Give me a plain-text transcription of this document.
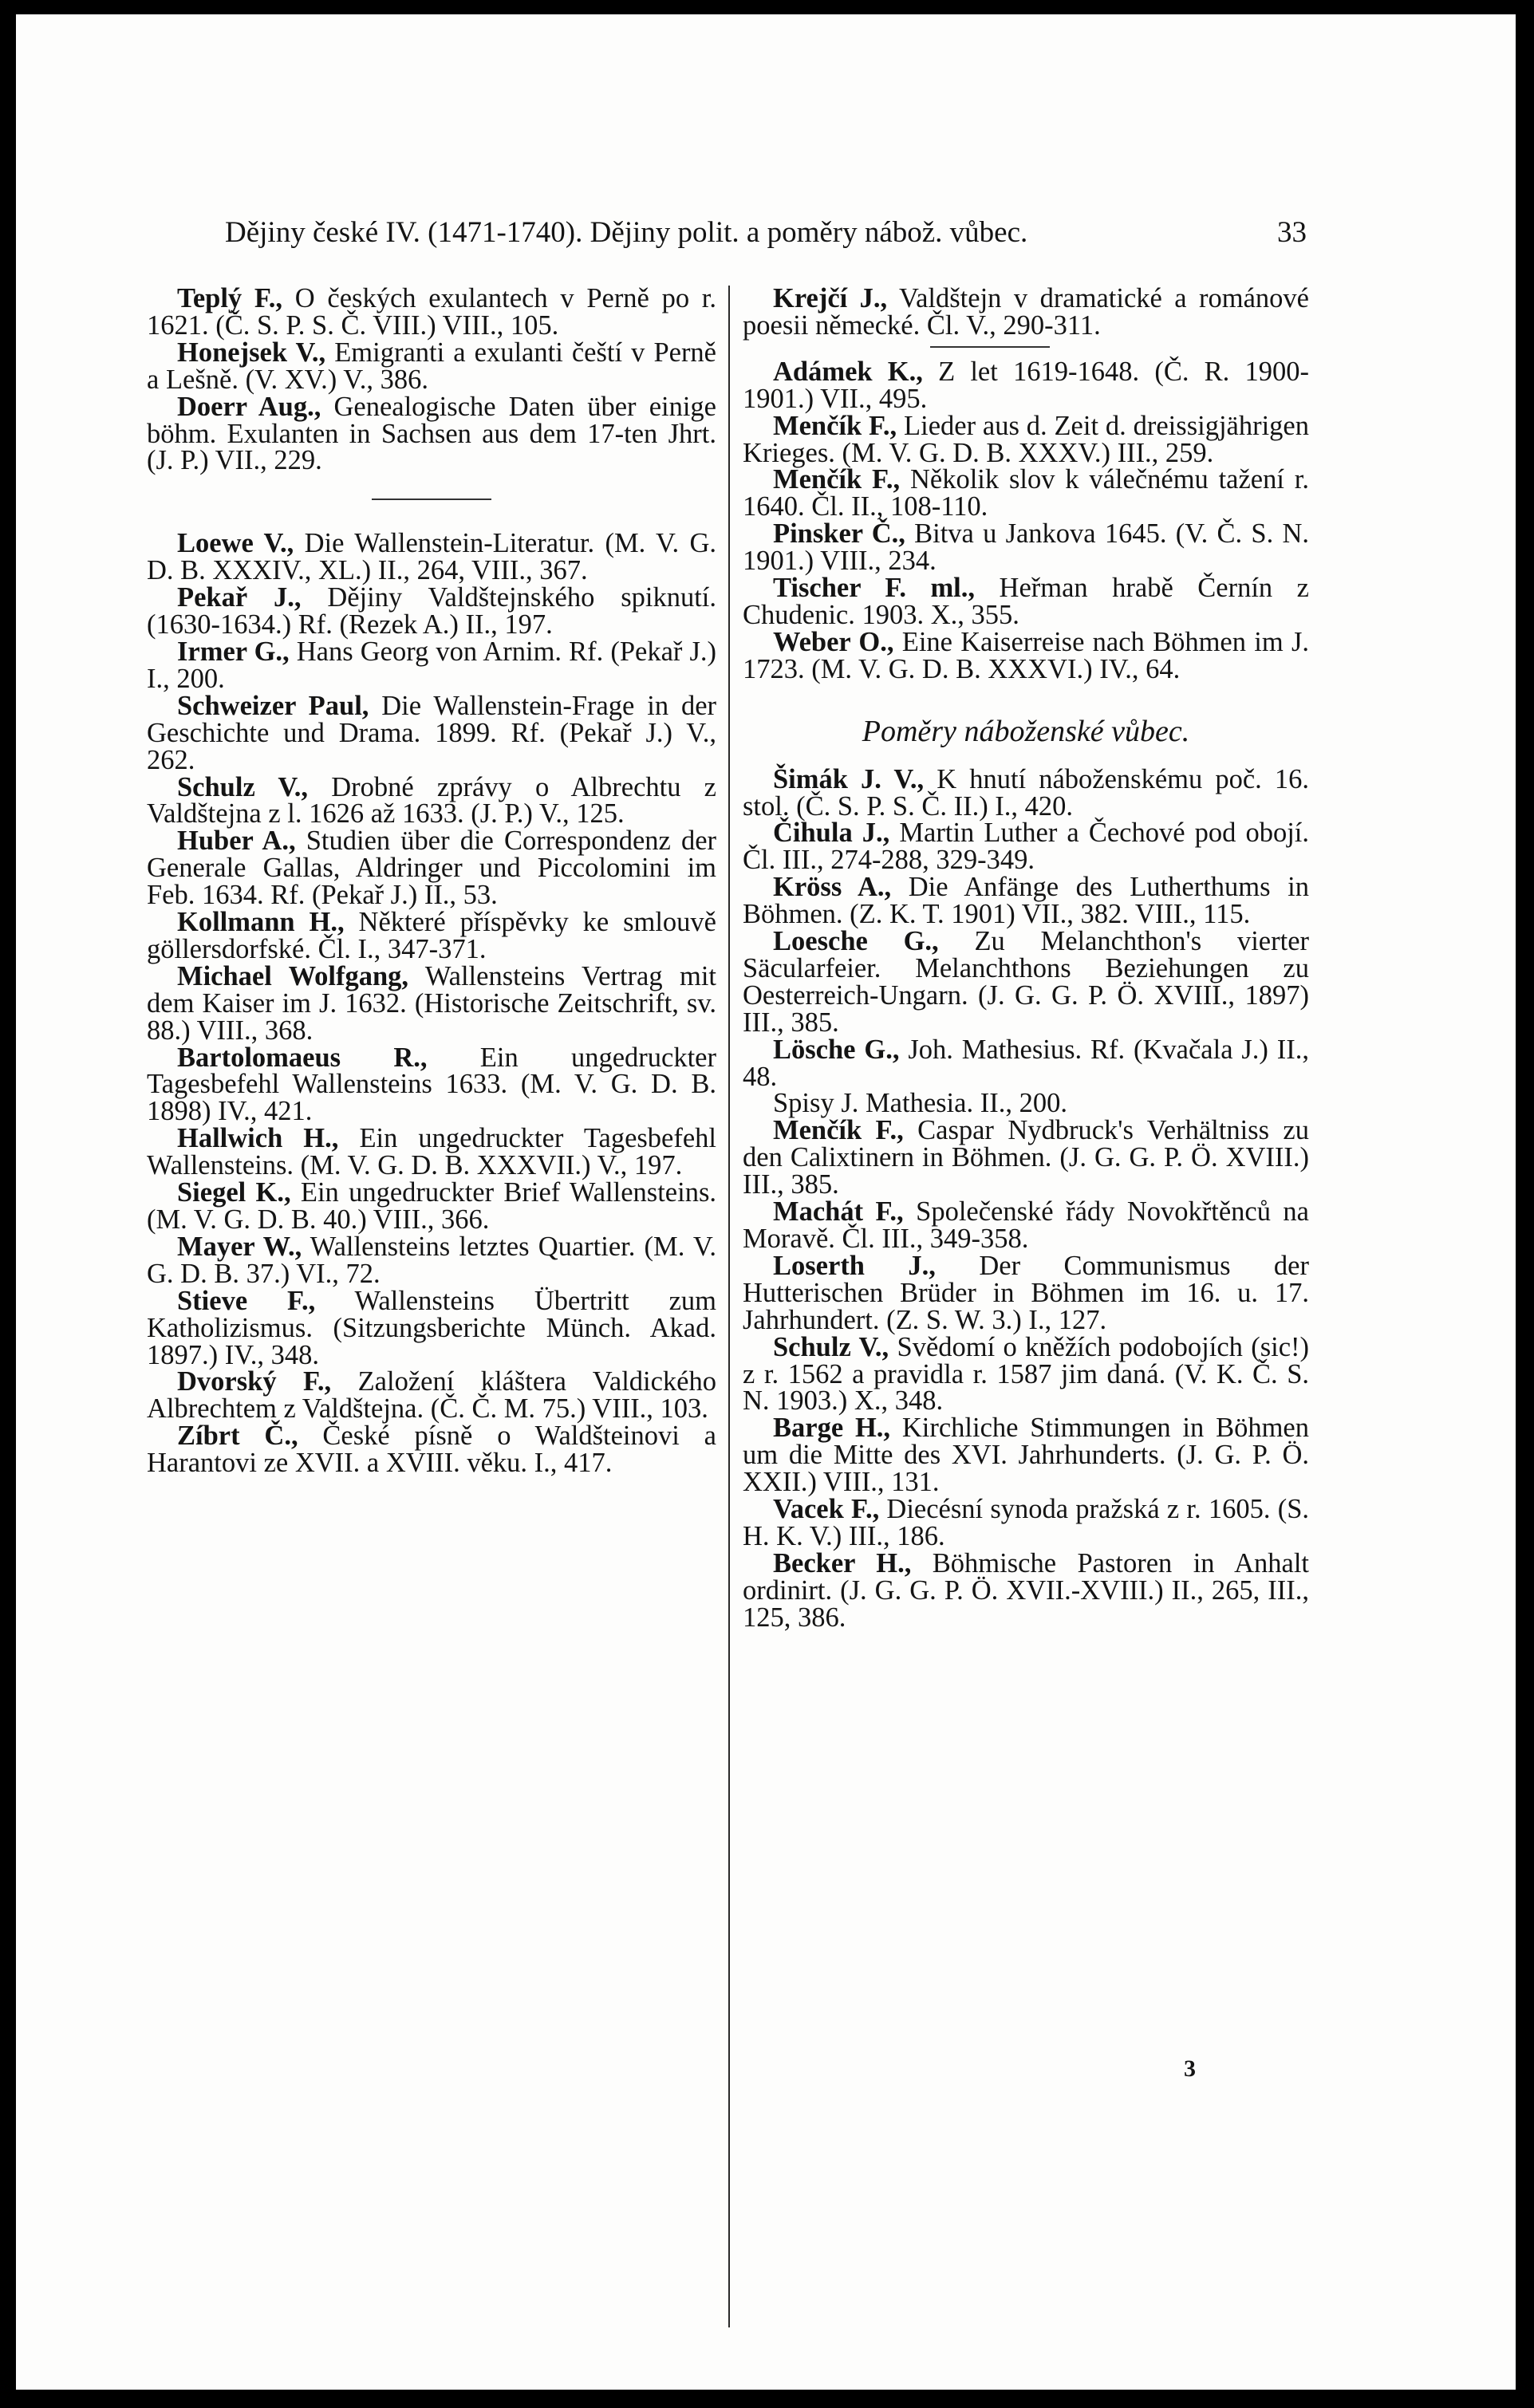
Dějiny české IV. (1471-1740). Dějiny polit. a poměry nábož. vůbec.	33

Teplý F., O českých exulantech v Perně po r. 1621. (Č. S. P. S. Č. VIII.) VIII., 105.

Honejsek V., Emigranti a exulanti čeští v Perně a Lešně. (V. XV.) V., 386.

Doerr Aug., Genealogische Daten über einige böhm. Exulanten in Sachsen aus dem 17-ten Jhrt. (J. P.) VII., 229.

Loewe V., Die Wallenstein-Literatur. (M. V. G. D. B. XXXIV., XL.) II., 264, VIII., 367.

Pekař J., Dějiny Valdštejnského spiknutí. (1630-1634.) Rf. (Rezek A.) II., 197.

Irmer G., Hans Georg von Arnim. Rf. (Pekař J.) I., 200.

Schweizer Paul, Die Wallenstein-Frage in der Geschichte und Drama. 1899. Rf. (Pekař J.) V., 262.

Schulz V., Drobné zprávy o Albrechtu z Valdštejna z l. 1626 až 1633. (J. P.) V., 125.

Huber A., Studien über die Correspondenz der Generale Gallas, Aldringer und Piccolomini im Feb. 1634. Rf. (Pekař J.) II., 53.

Kollmann H., Některé příspěvky ke smlouvě göllersdorfské. Čl. I., 347-371.

Michael Wolfgang, Wallensteins Vertrag mit dem Kaiser im J. 1632. (Historische Zeitschrift, sv. 88.) VIII., 368.

Bartolomaeus R., Ein ungedruckter Tagesbefehl Wallensteins 1633. (M. V. G. D. B. 1898) IV., 421.

Hallwich H., Ein ungedruckter Tagesbefehl Wallensteins. (M. V. G. D. B. XXXVII.) V., 197.

Siegel K., Ein ungedruckter Brief Wallensteins. (M. V. G. D. B. 40.) VIII., 366.

Mayer W., Wallensteins letztes Quartier. (M. V. G. D. B. 37.) VI., 72.

Stieve F., Wallensteins Übertritt zum Katholizismus. (Sitzungsberichte Münch. Akad. 1897.) IV., 348.

Dvorský F., Založení kláštera Valdického Albrechtem z Valdštejna. (Č. Č. M. 75.) VIII., 103.

Zíbrt Č., České písně o Waldšteinovi a Harantovi ze XVII. a XVIII. věku. I., 417.

Krejčí J., Valdštejn v dramatické a románové poesii německé. Čl. V., 290-311.

Adámek K., Z let 1619-1648. (Č. R. 1900-1901.) VII., 495.

Menčík F., Lieder aus d. Zeit d. dreissigjährigen Krieges. (M. V. G. D. B. XXXV.) III., 259.

Menčík F., Několik slov k válečnému tažení r. 1640. Čl. II., 108-110.

Pinsker Č., Bitva u Jankova 1645. (V. Č. S. N. 1901.) VIII., 234.

Tischer F. ml., Heřman hrabě Černín z Chudenic. 1903. X., 355.

Weber O., Eine Kaiserreise nach Böhmen im J. 1723. (M. V. G. D. B. XXXVI.) IV., 64.

Poměry náboženské vůbec.

Šimák J. V., K hnutí náboženskému poč. 16. stol. (Č. S. P. S. Č. II.) I., 420.

Čihula J., Martin Luther a Čechové pod obojí. Čl. III., 274-288, 329-349.

Kröss A., Die Anfänge des Lutherthums in Böhmen. (Z. K. T. 1901) VII., 382. VIII., 115.

Loesche G., Zu Melanchthon's vierter Säcularfeier. Melanchthons Beziehungen zu Oesterreich-Ungarn. (J. G. G. P. Ö. XVIII., 1897) III., 385.

Lösche G., Joh. Mathesius. Rf. (Kvačala J.) II., 48.

Spisy J. Mathesia. II., 200.

Menčík F., Caspar Nydbruck's Verhältniss zu den Calixtinern in Böhmen. (J. G. G. P. Ö. XVIII.) III., 385.

Machát F., Společenské řády Novokřtěnců na Moravě. Čl. III., 349-358.

Loserth J., Der Communismus der Hutterischen Brüder in Böhmen im 16. u. 17. Jahrhundert. (Z. S. W. 3.) I., 127.

Schulz V., Svědomí o kněžích podobojích (sic!) z r. 1562 a pravidla r. 1587 jim daná. (V. K. Č. S. N. 1903.) X., 348.

Barge H., Kirchliche Stimmungen in Böhmen um die Mitte des XVI. Jahrhunderts. (J. G. P. Ö. XXII.) VIII., 131.

Vacek F., Diecésní synoda pražská z r. 1605. (S. H. K. V.) III., 186.

Becker H., Böhmische Pastoren in Anhalt ordinirt. (J. G. G. P. Ö. XVII.-XVIII.) II., 265, III., 125, 386.

3
